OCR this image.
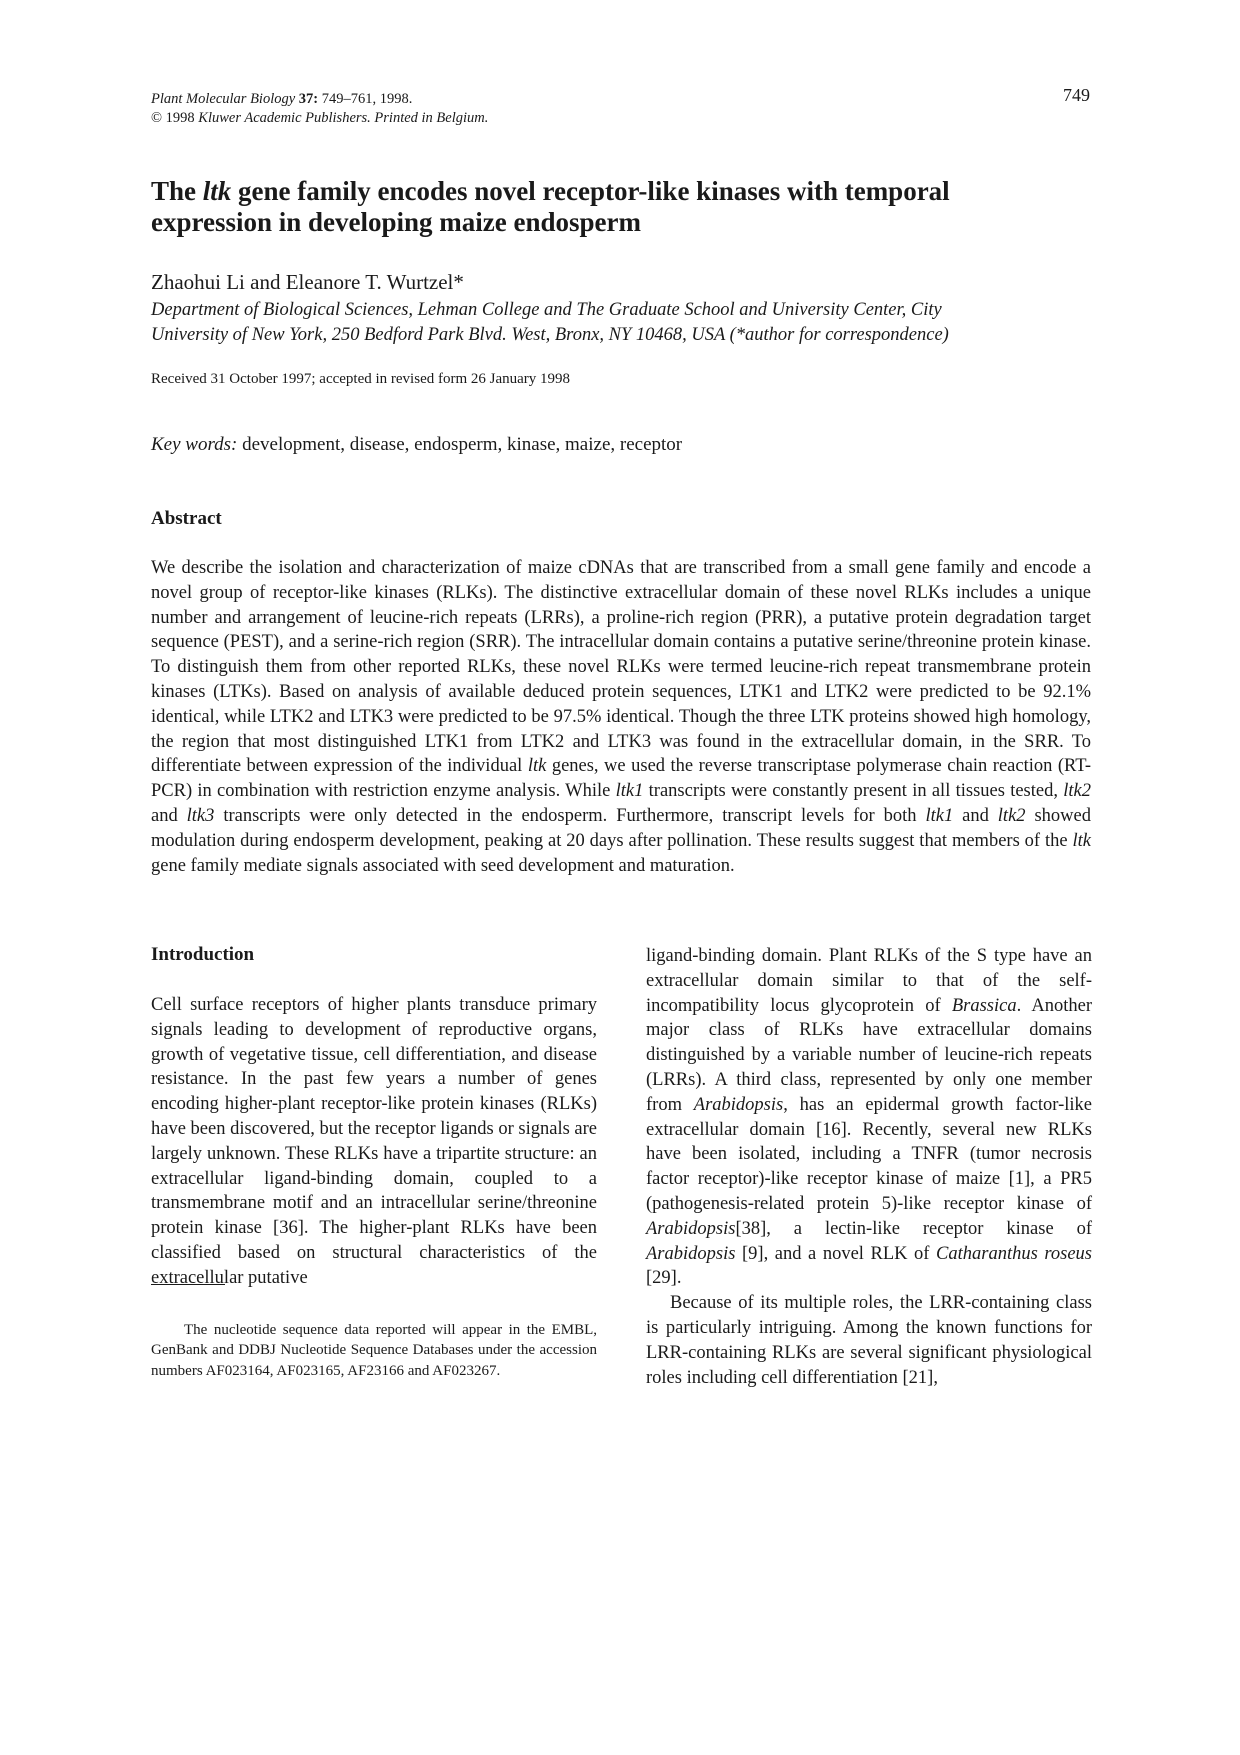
Plant Molecular Biology 37: 749–761, 1998.
© 1998 Kluwer Academic Publishers. Printed in Belgium.
749
The ltk gene family encodes novel receptor-like kinases with temporal
expression in developing maize endosperm
Zhaohui Li and Eleanore T. Wurtzel*
Department of Biological Sciences, Lehman College and The Graduate School and University Center, City
University of New York, 250 Bedford Park Blvd. West, Bronx, NY 10468, USA (*author for correspondence)
Received 31 October 1997; accepted in revised form 26 January 1998
Key words: development, disease, endosperm, kinase, maize, receptor
Abstract

We describe the isolation and characterization of maize cDNAs that are transcribed from a small gene family and encode a novel group of receptor-like kinases (RLKs). The distinctive extracellular domain of these novel RLKs includes a unique number and arrangement of leucine-rich repeats (LRRs), a proline-rich region (PRR), a putative protein degradation target sequence (PEST), and a serine-rich region (SRR). The intracellular domain contains a putative serine/threonine protein kinase. To distinguish them from other reported RLKs, these novel RLKs were termed leucine-rich repeat transmembrane protein kinases (LTKs). Based on analysis of available deduced protein sequences, LTK1 and LTK2 were predicted to be 92.1% identical, while LTK2 and LTK3 were predicted to be 97.5% identical. Though the three LTK proteins showed high homology, the region that most distinguished LTK1 from LTK2 and LTK3 was found in the extracellular domain, in the SRR. To differentiate between expression of the individual ltk genes, we used the reverse transcriptase polymerase chain reaction (RT-PCR) in combination with restriction enzyme analysis. While ltk1 transcripts were constantly present in all tissues tested, ltk2 and ltk3 transcripts were only detected in the endosperm. Furthermore, transcript levels for both ltk1 and ltk2 showed modulation during endosperm development, peaking at 20 days after pollination. These results suggest that members of the ltk gene family mediate signals associated with seed development and maturation.

Introduction

Cell surface receptors of higher plants transduce primary signals leading to development of reproductive organs, growth of vegetative tissue, cell differentiation, and disease resistance. In the past few years a number of genes encoding higher-plant receptor-like protein kinases (RLKs) have been discovered, but the receptor ligands or signals are largely unknown. These RLKs have a tripartite structure: an extracellular ligand-binding domain, coupled to a transmembrane motif and an intracellular serine/threonine protein kinase [36]. The higher-plant RLKs have been classified based on structural characteristics of the extracellular putative

ligand-binding domain. Plant RLKs of the S type have an extracellular domain similar to that of the self-incompatibility locus glycoprotein of Brassica. Another major class of RLKs have extracellular domains distinguished by a variable number of leucine-rich repeats (LRRs). A third class, represented by only one member from Arabidopsis, has an epidermal growth factor-like extracellular domain [16]. Recently, several new RLKs have been isolated, including a TNFR (tumor necrosis factor receptor)-like receptor kinase of maize [1], a PR5 (pathogenesis-related protein 5)-like receptor kinase of Arabidopsis[38], a lectin-like receptor kinase of Arabidopsis [9], and a novel RLK of Catharanthus roseus [29].

Because of its multiple roles, the LRR-containing class is particularly intriguing. Among the known functions for LRR-containing RLKs are several significant physiological roles including cell differentiation [21],

The nucleotide sequence data reported will appear in the EMBL, GenBank and DDBJ Nucleotide Sequence Databases under the accession numbers AF023164, AF023165, AF23166 and AF023267.
